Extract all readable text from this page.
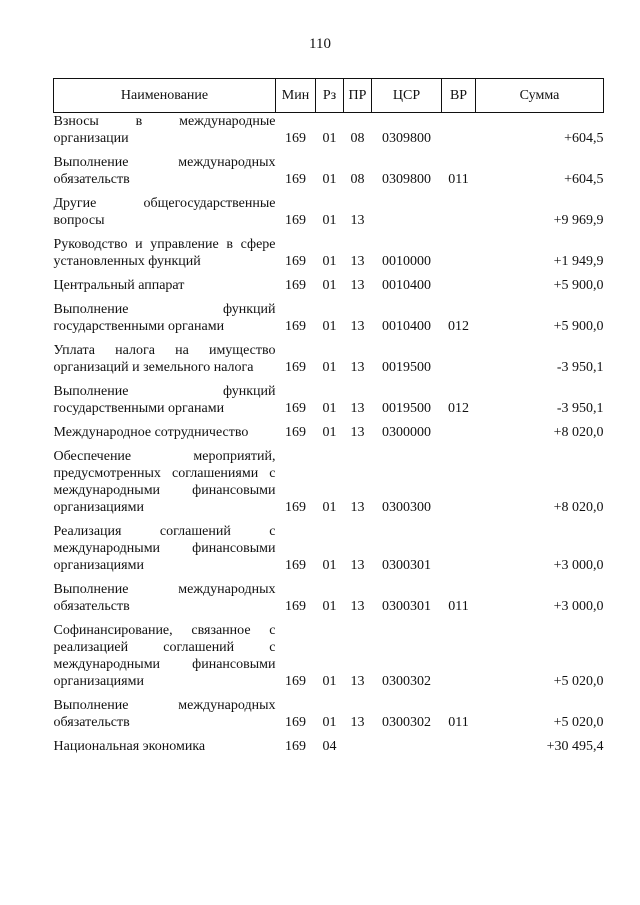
110
Наименование	Мин	Рз	ПР	ЦСР	ВР	Сумма
Взносы в международные организации	169	01	08	0309800		+604,5
Выполнение международных обязательств	169	01	08	0309800	011	+604,5
Другие общегосударственные вопросы	169	01	13			+9 969,9
Руководство и управление в сфере установленных функций	169	01	13	0010000		+1 949,9
Центральный аппарат	169	01	13	0010400		+5 900,0
Выполнение функций государственными органами	169	01	13	0010400	012	+5 900,0
Уплата налога на имущество организаций и земельного налога	169	01	13	0019500		-3 950,1
Выполнение функций государственными органами	169	01	13	0019500	012	-3 950,1
Международное сотрудничество	169	01	13	0300000		+8 020,0
Обеспечение мероприятий, предусмотренных соглашениями с международными финансовыми организациями	169	01	13	0300300		+8 020,0
Реализация соглашений с международными финансовыми организациями	169	01	13	0300301		+3 000,0
Выполнение международных обязательств	169	01	13	0300301	011	+3 000,0
Софинансирование, связанное с реализацией соглашений с международными финансовыми организациями	169	01	13	0300302		+5 020,0
Выполнение международных обязательств	169	01	13	0300302	011	+5 020,0
Национальная экономика	169	04				+30 495,4
